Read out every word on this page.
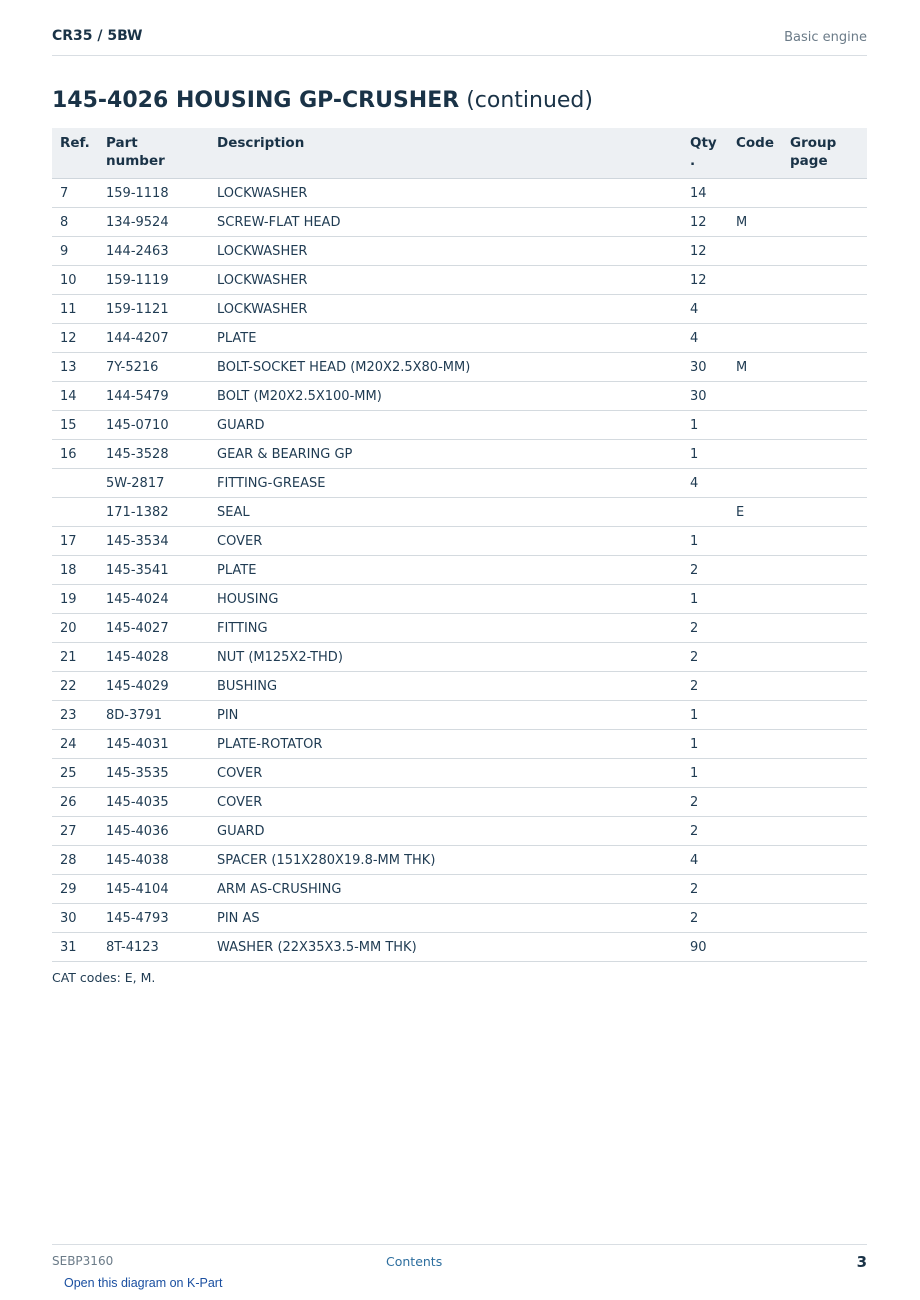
CR35 / 5BW	Basic engine
145-4026 HOUSING GP-CRUSHER (continued)
Ref.	Part number	Description	Qty .	Code	Group page
7	159-1118	LOCKWASHER	14		
8	134-9524	SCREW-FLAT HEAD	12	M	
9	144-2463	LOCKWASHER	12		
10	159-1119	LOCKWASHER	12		
11	159-1121	LOCKWASHER	4		
12	144-4207	PLATE	4		
13	7Y-5216	BOLT-SOCKET HEAD (M20X2.5X80-MM)	30	M	
14	144-5479	BOLT (M20X2.5X100-MM)	30		
15	145-0710	GUARD	1		
16	145-3528	GEAR & BEARING GP	1		
	5W-2817	FITTING-GREASE	4		
	171-1382	SEAL		E	
17	145-3534	COVER	1		
18	145-3541	PLATE	2		
19	145-4024	HOUSING	1		
20	145-4027	FITTING	2		
21	145-4028	NUT (M125X2-THD)	2		
22	145-4029	BUSHING	2		
23	8D-3791	PIN	1		
24	145-4031	PLATE-ROTATOR	1		
25	145-3535	COVER	1		
26	145-4035	COVER	2		
27	145-4036	GUARD	2		
28	145-4038	SPACER (151X280X19.8-MM THK)	4		
29	145-4104	ARM AS-CRUSHING	2		
30	145-4793	PIN AS	2		
31	8T-4123	WASHER (22X35X3.5-MM THK)	90		
CAT codes: E, M.
SEBP3160	Contents	3
Open this diagram on K-Part
